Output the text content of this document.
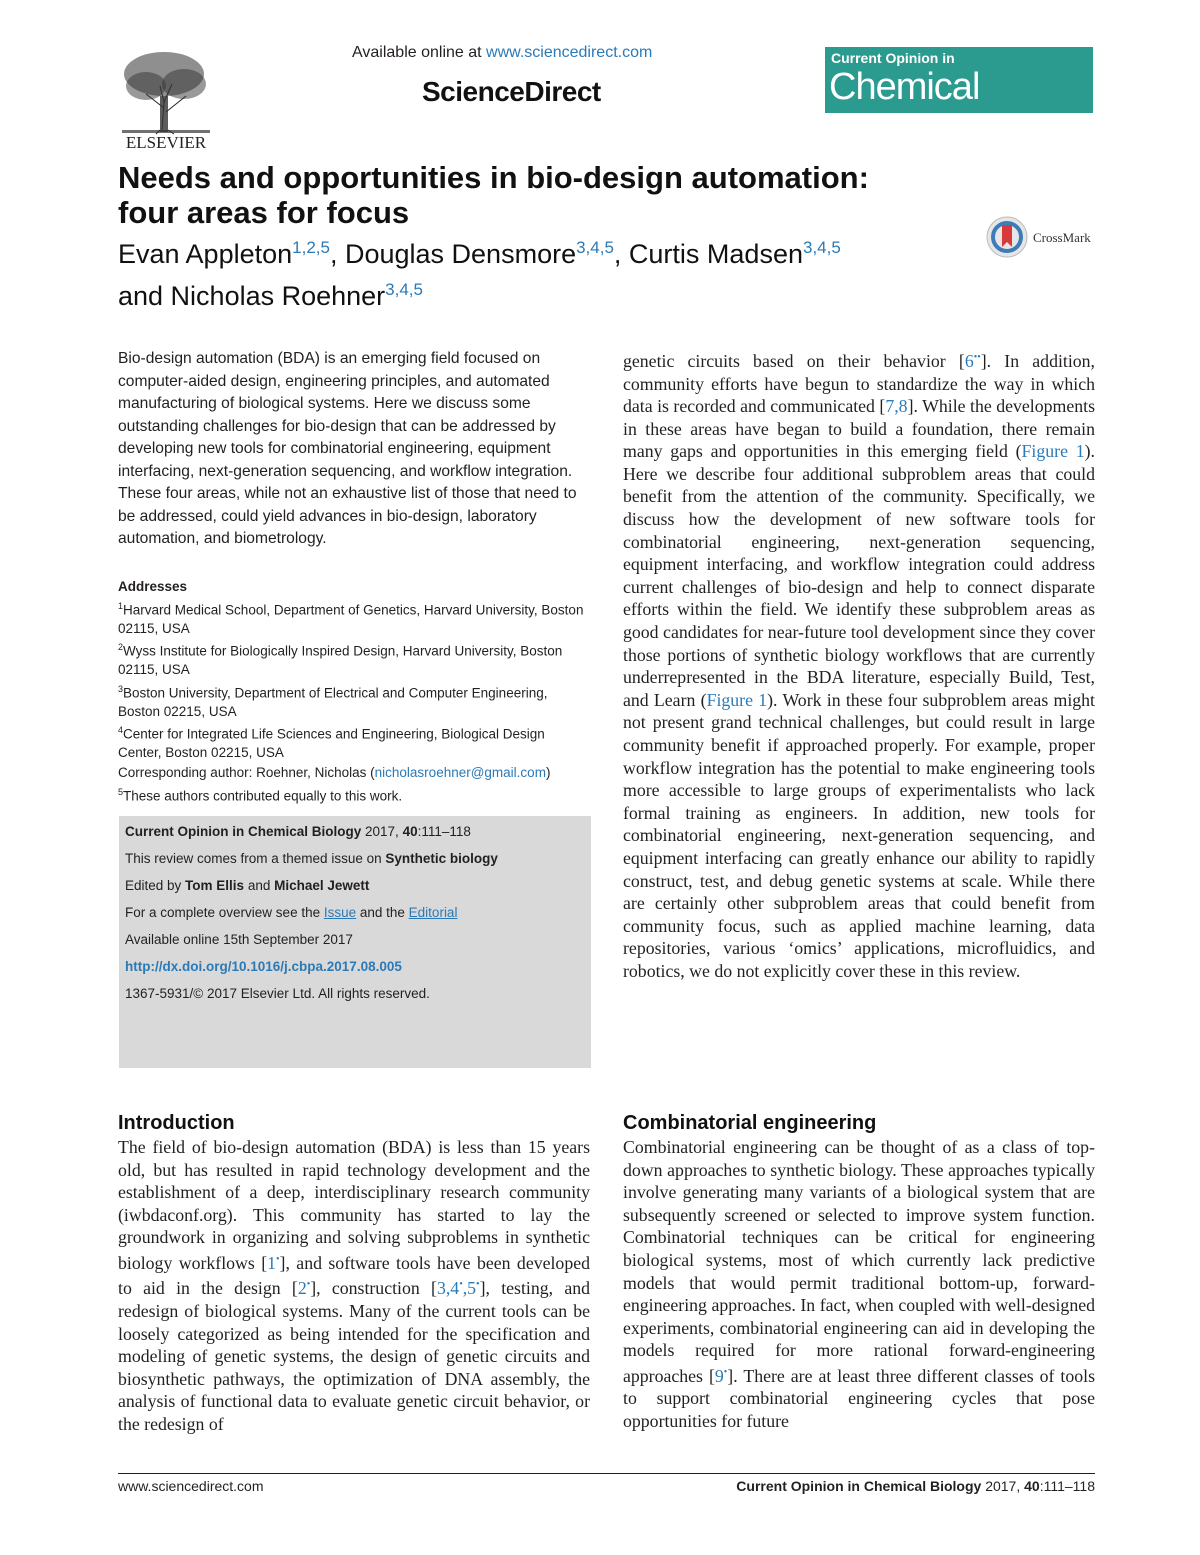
ELSEVIER
Available online at www.sciencedirect.com
ScienceDirect
Current Opinion in
Chemical Biology
Needs and opportunities in bio-design automation:
four areas for focus
Evan Appleton$^{1,2,5}$, Douglas Densmore$^{3,4,5}$, Curtis Madsen$^{3,4,5}$
and Nicholas Roehner$^{3,4,5}$
CrossMark
Bio-design automation (BDA) is an emerging field focused on computer-aided design, engineering principles, and automated manufacturing of biological systems. Here we discuss some outstanding challenges for bio-design that can be addressed by developing new tools for combinatorial engineering, equipment interfacing, next-generation sequencing, and workflow integration. These four areas, while not an exhaustive list of those that need to be addressed, could yield advances in bio-design, laboratory automation, and biometrology.
Addresses
$^1$Harvard Medical School, Department of Genetics, Harvard University, Boston 02115, USA
$^2$Wyss Institute for Biologically Inspired Design, Harvard University, Boston 02115, USA
$^3$Boston University, Department of Electrical and Computer Engineering, Boston 02215, USA
$^4$Center for Integrated Life Sciences and Engineering, Biological Design Center, Boston 02215, USA
Corresponding author: Roehner, Nicholas (nicholasroehner@gmail.com)
$^5$These authors contributed equally to this work.
Current Opinion in Chemical Biology 2017, 40:111–118
This review comes from a themed issue on Synthetic biology
Edited by Tom Ellis and Michael Jewett
For a complete overview see the Issue and the Editorial
Available online 15th September 2017
http://dx.doi.org/10.1016/j.cbpa.2017.08.005
1367-5931/© 2017 Elsevier Ltd. All rights reserved.
genetic circuits based on their behavior [6••]. In addition, community efforts have begun to standardize the way in which data is recorded and communicated [7,8]. While the developments in these areas have began to build a foundation, there remain many gaps and opportunities in this emerging field (Figure 1). Here we describe four additional subproblem areas that could benefit from the attention of the community. Specifically, we discuss how the development of new software tools for combinatorial engineering, next-generation sequencing, equipment interfacing, and workflow integration could address current challenges of bio-design and help to connect disparate efforts within the field. We identify these subproblem areas as good candidates for near-future tool development since they cover those portions of synthetic biology workflows that are currently underrepresented in the BDA literature, especially Build, Test, and Learn (Figure 1). Work in these four subproblem areas might not present grand technical challenges, but could result in large community benefit if approached properly. For example, proper workflow integration has the potential to make engineering tools more accessible to large groups of experimentalists who lack formal training as engineers. In addition, new tools for combinatorial engineering, next-generation sequencing, and equipment interfacing can greatly enhance our ability to rapidly construct, test, and debug genetic systems at scale. While there are certainly other subproblem areas that could benefit from community focus, such as applied machine learning, data repositories, various ‘omics’ applications, microfluidics, and robotics, we do not explicitly cover these in this review.
Introduction
The field of bio-design automation (BDA) is less than 15 years old, but has resulted in rapid technology development and the establishment of a deep, interdisciplinary research community (iwbdaconf.org). This community has started to lay the groundwork in organizing and solving subproblems in synthetic biology workflows [1•], and software tools have been developed to aid in the design [2•], construction [3,4•,5•], testing, and redesign of biological systems. Many of the current tools can be loosely categorized as being intended for the specification and modeling of genetic systems, the design of genetic circuits and biosynthetic pathways, the optimization of DNA assembly, the analysis of functional data to evaluate genetic circuit behavior, or the redesign of
Combinatorial engineering
Combinatorial engineering can be thought of as a class of top-down approaches to synthetic biology. These approaches typically involve generating many variants of a biological system that are subsequently screened or selected to improve system function. Combinatorial techniques can be critical for engineering biological systems, most of which currently lack predictive models that would permit traditional bottom-up, forward-engineering approaches. In fact, when coupled with well-designed experiments, combinatorial engineering can aid in developing the models required for more rational forward-engineering approaches [9•]. There are at least three different classes of tools to support combinatorial engineering cycles that pose opportunities for future
www.sciencedirect.com	Current Opinion in Chemical Biology 2017, 40:111–118
